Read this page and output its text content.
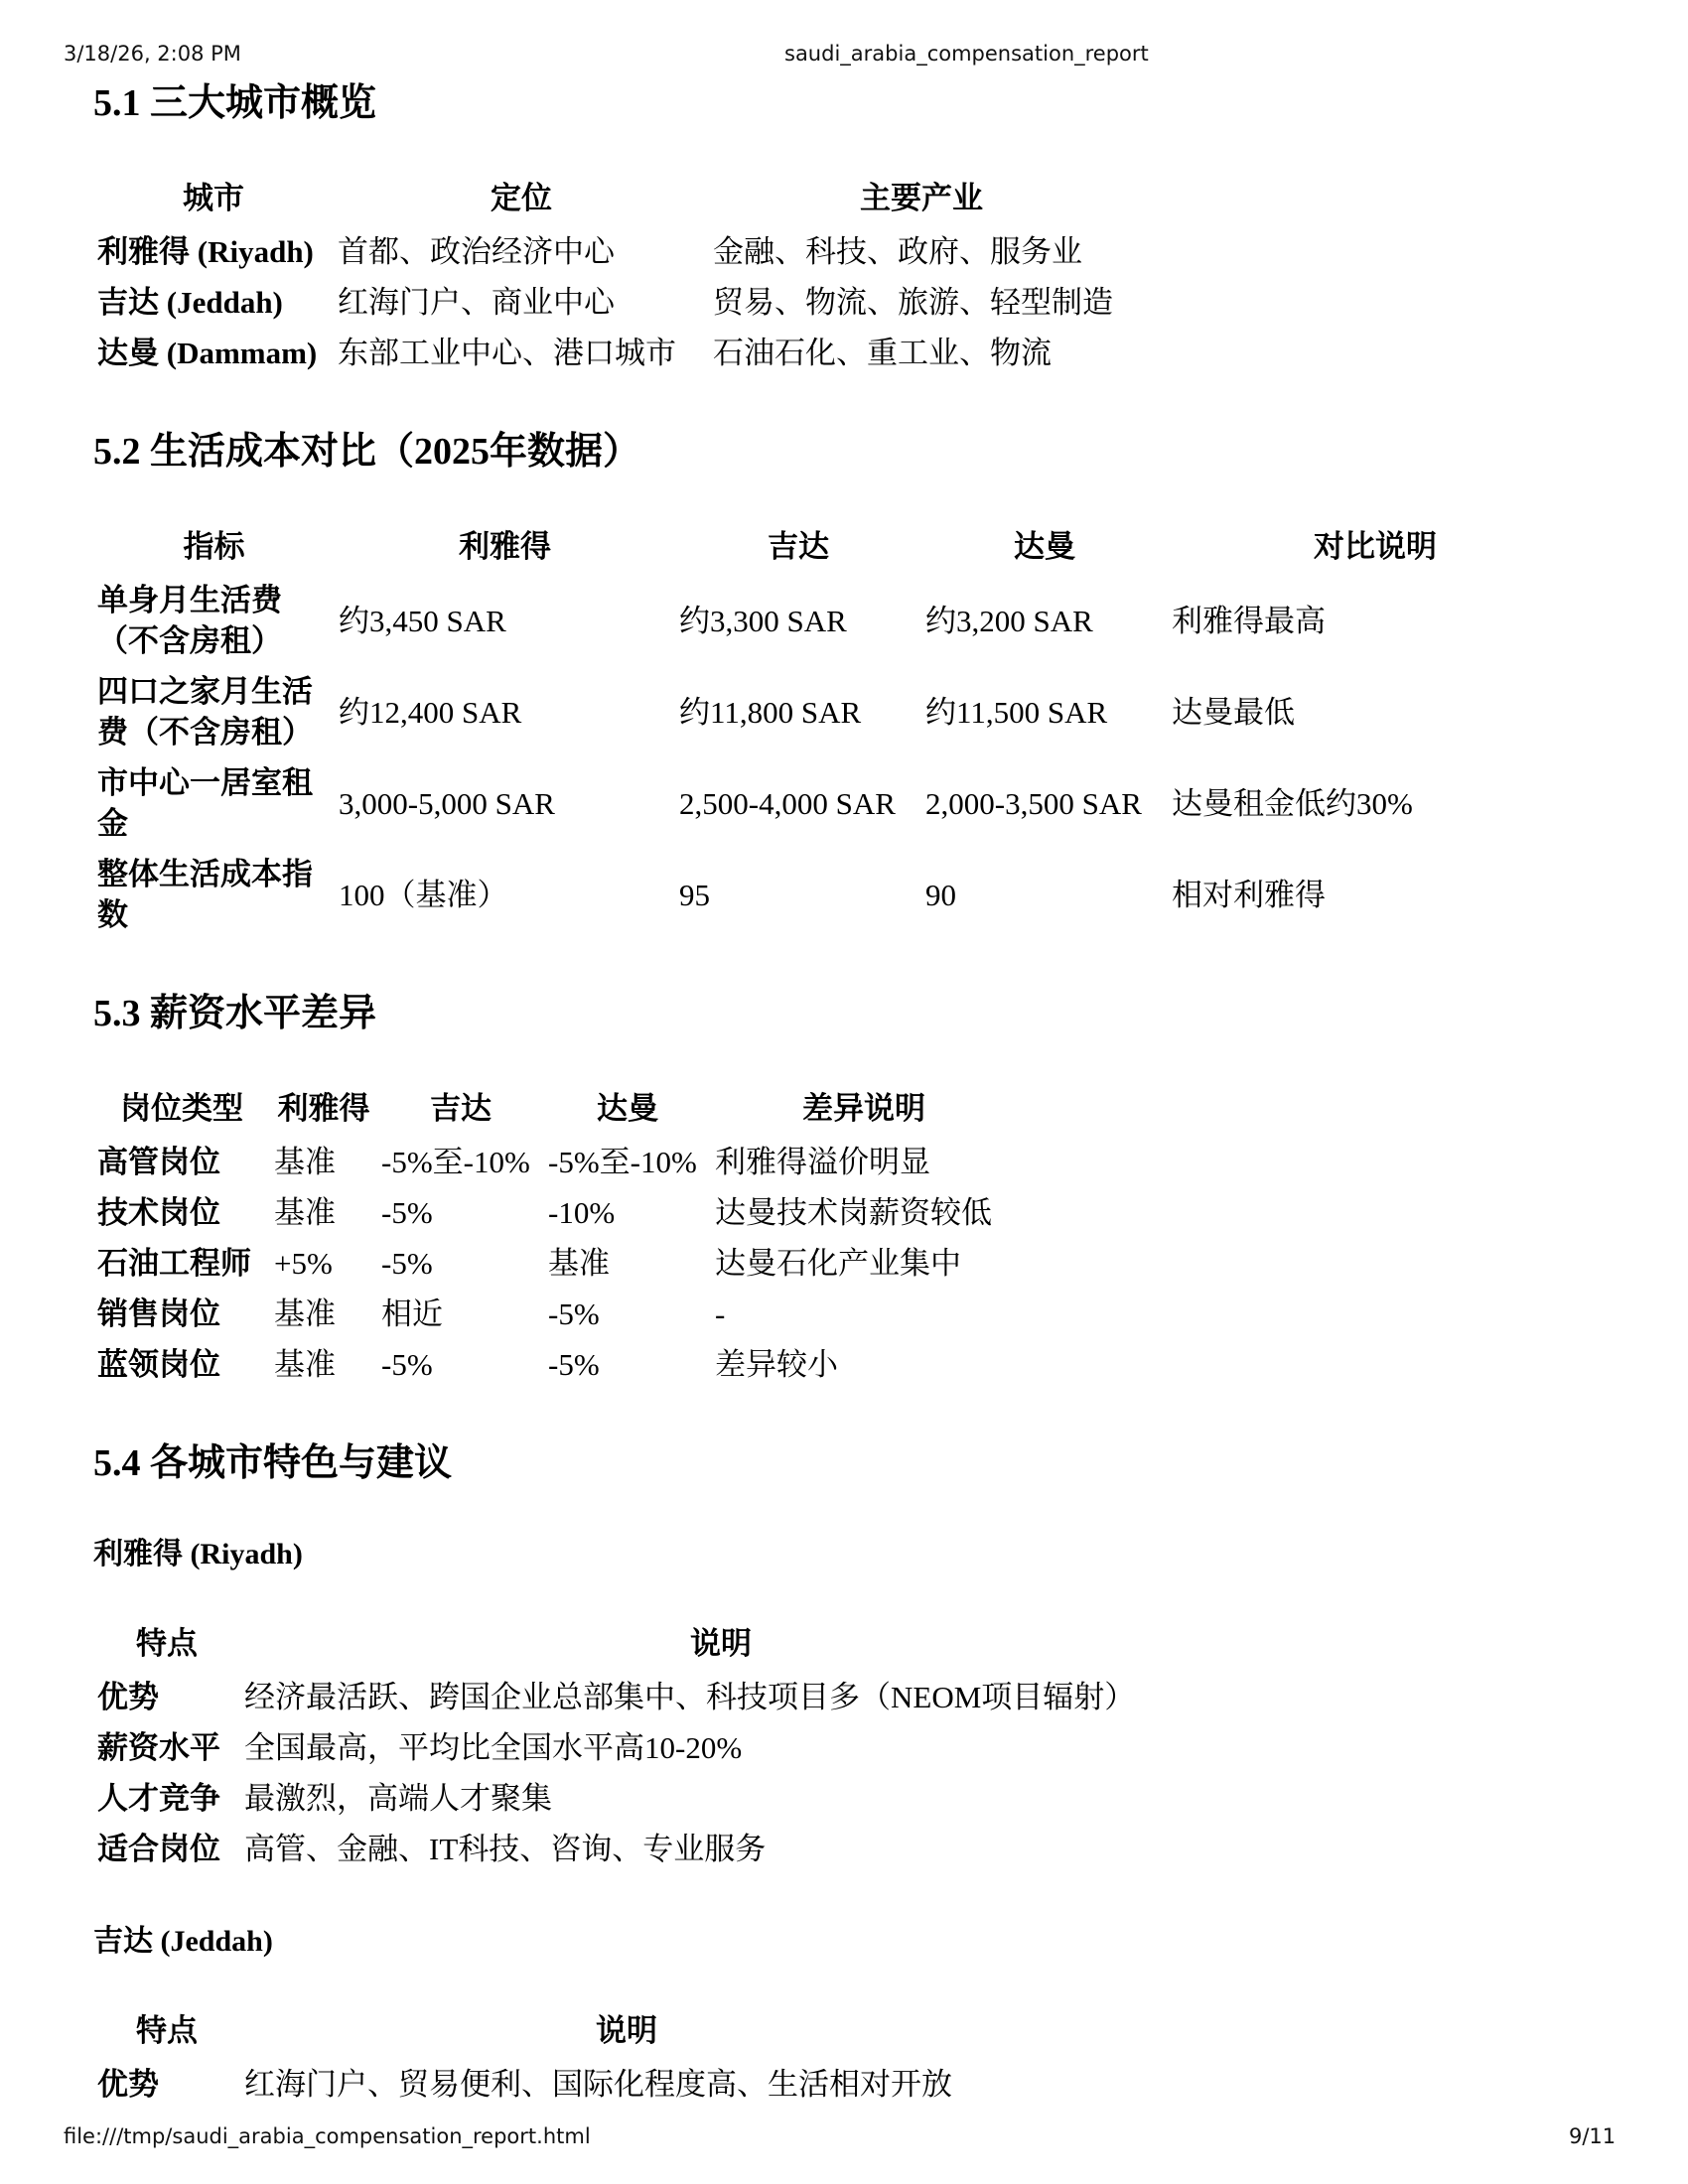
3/18/26, 2:08 PM	saudi_arabia_compensation_report
5.1 三大城市概览
城市	定位	主要产业
利雅得 (Riyadh)	首都、政治经济中心	金融、科技、政府、服务业
吉达 (Jeddah)	红海门户、商业中心	贸易、物流、旅游、轻型制造
达曼 (Dammam)	东部工业中心、港口城市	石油石化、重工业、物流
5.2 生活成本对比（2025年数据）
指标	利雅得	吉达	达曼	对比说明
单身月生活费（不含房租）	约3,450 SAR	约3,300 SAR	约3,200 SAR	利雅得最高
四口之家月生活费（不含房租）	约12,400 SAR	约11,800 SAR	约11,500 SAR	达曼最低
市中心一居室租金	3,000-5,000 SAR	2,500-4,000 SAR	2,000-3,500 SAR	达曼租金低约30%
整体生活成本指数	100（基准）	95	90	相对利雅得
5.3 薪资水平差异
岗位类型	利雅得	吉达	达曼	差异说明
高管岗位	基准	-5%至-10%	-5%至-10%	利雅得溢价明显
技术岗位	基准	-5%	-10%	达曼技术岗薪资较低
石油工程师	+5%	-5%	基准	达曼石化产业集中
销售岗位	基准	相近	-5%	-
蓝领岗位	基准	-5%	-5%	差异较小
5.4 各城市特色与建议
利雅得 (Riyadh)
特点	说明
优势	经济最活跃、跨国企业总部集中、科技项目多（NEOM项目辐射）
薪资水平	全国最高，平均比全国水平高10-20%
人才竞争	最激烈，高端人才聚集
适合岗位	高管、金融、IT科技、咨询、专业服务
吉达 (Jeddah)
特点	说明
优势	红海门户、贸易便利、国际化程度高、生活相对开放
file:///tmp/saudi_arabia_compensation_report.html	9/11
